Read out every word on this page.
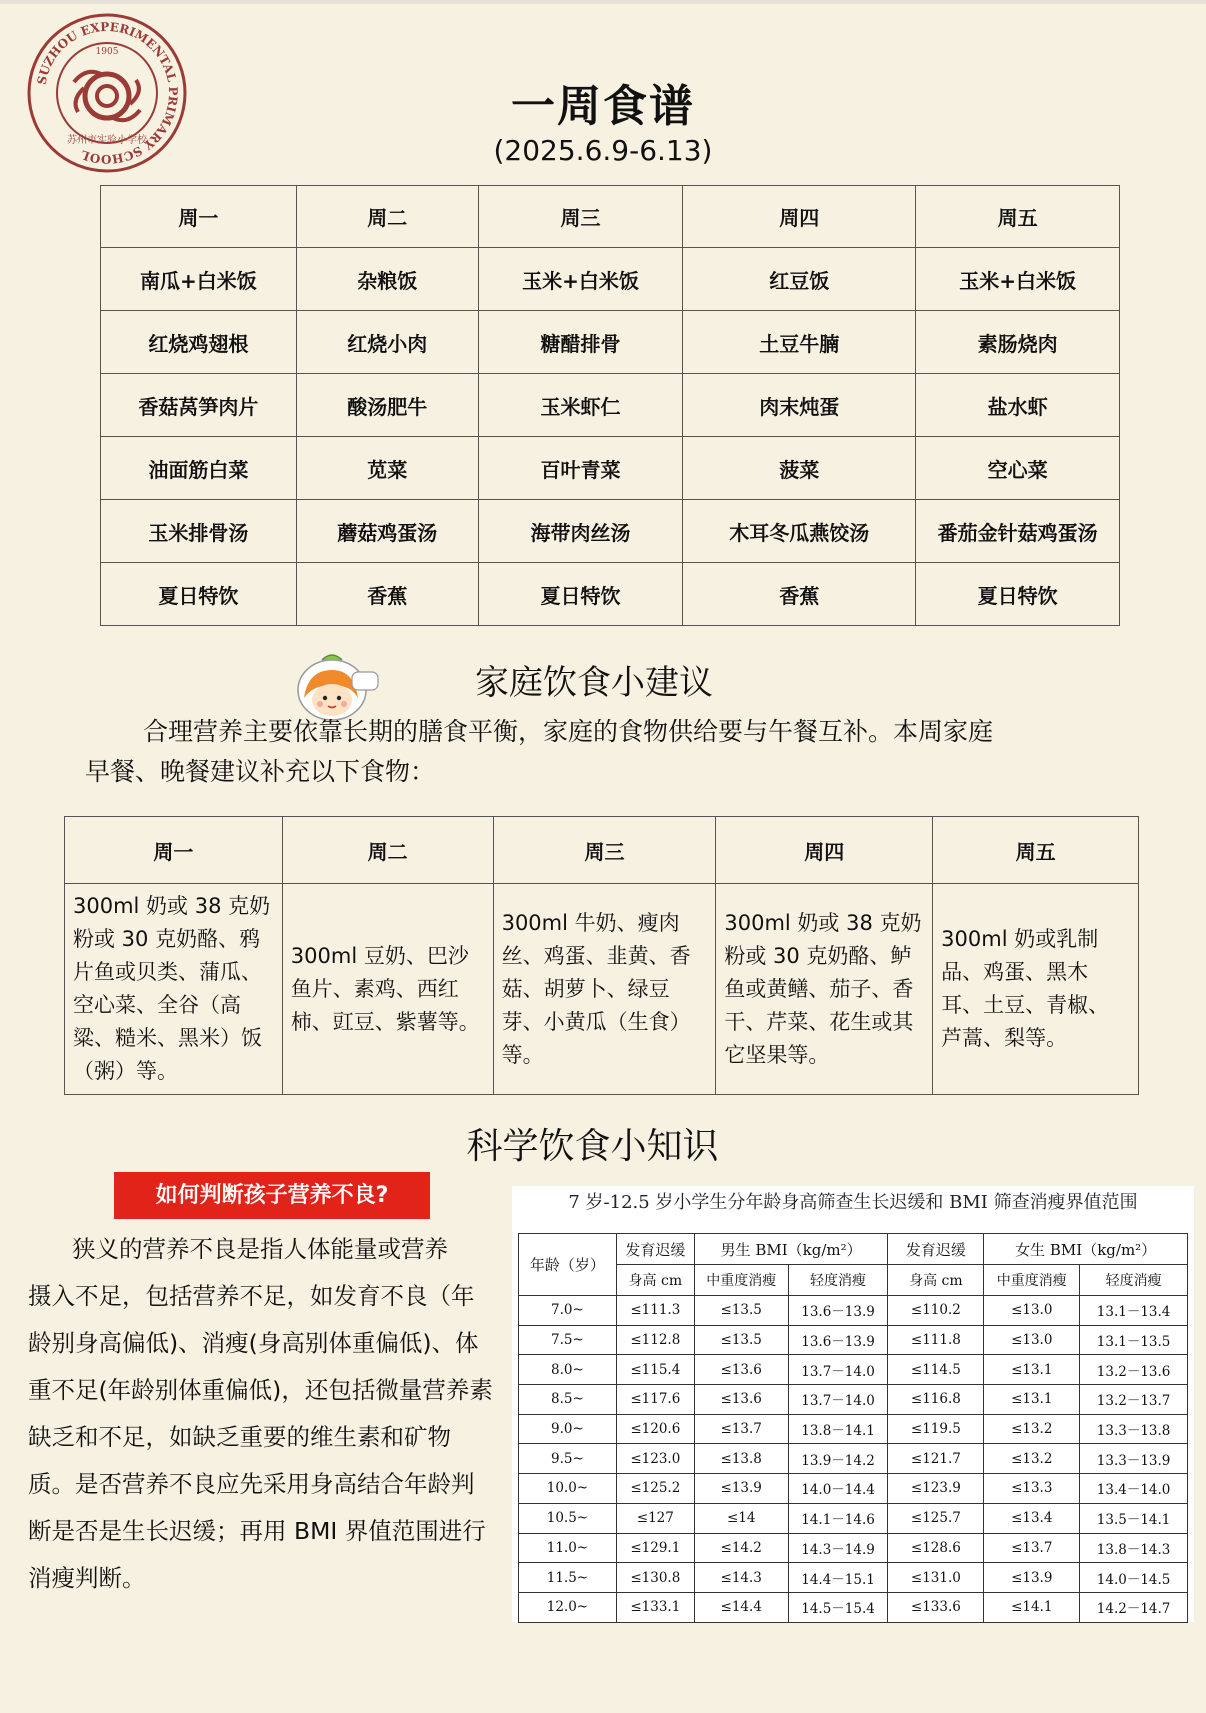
SUZHOU EXPERIMENTAL PRIMARY SCHOOL
1905
苏州市实验小学校
一周食谱
(2025.6.9-6.13)
周一	周二	周三	周四	周五
南瓜+白米饭	杂粮饭	玉米+白米饭	红豆饭	玉米+白米饭
红烧鸡翅根	红烧小肉	糖醋排骨	土豆牛腩	素肠烧肉
香菇莴笋肉片	酸汤肥牛	玉米虾仁	肉末炖蛋	盐水虾
油面筋白菜	苋菜	百叶青菜	菠菜	空心菜
玉米排骨汤	蘑菇鸡蛋汤	海带肉丝汤	木耳冬瓜燕饺汤	番茄金针菇鸡蛋汤
夏日特饮	香蕉	夏日特饮	香蕉	夏日特饮
家庭饮食小建议
合理营养主要依靠长期的膳食平衡，家庭的食物供给要与午餐互补。本周家庭
早餐、晚餐建议补充以下食物：
周一	周二	周三	周四	周五
300ml 奶或 38 克奶粉或 30 克奶酪、鸦片鱼或贝类、蒲瓜、空心菜、全谷（高粱、糙米、黑米）饭（粥）等。	300ml 豆奶、巴沙鱼片、素鸡、西红柿、豇豆、紫薯等。	300ml 牛奶、瘦肉丝、鸡蛋、韭黄、香菇、胡萝卜、绿豆芽、小黄瓜（生食）等。	300ml 奶或 38 克奶粉或 30 克奶酪、鲈鱼或黄鳝、茄子、香干、芹菜、花生或其它坚果等。	300ml 奶或乳制品、鸡蛋、黑木耳、土豆、青椒、芦蒿、梨等。
科学饮食小知识
如何判断孩子营养不良?
狭义的营养不良是指人体能量或营养
摄入不足，包括营养不足，如发育不良（年
龄别身高偏低)、消瘦(身高别体重偏低)、体
重不足(年龄别体重偏低)，还包括微量营养素
缺乏和不足，如缺乏重要的维生素和矿物
质。是否营养不良应先采用身高结合年龄判
断是否是生长迟缓；再用 BMI 界值范围进行
消瘦判断。
7 岁-12.5 岁小学生分年龄身高筛查生长迟缓和 BMI 筛查消瘦界值范围
年龄（岁）	发育迟缓	男生 BMI（kg/m²）		发育迟缓	女生 BMI（kg/m²）	
	身高 cm	中重度消瘦	轻度消瘦	身高 cm	中重度消瘦	轻度消瘦
7.0~	≤111.3	≤13.5	13.6－13.9	≤110.2	≤13.0	13.1－13.4
7.5~	≤112.8	≤13.5	13.6－13.9	≤111.8	≤13.0	13.1－13.5
8.0~	≤115.4	≤13.6	13.7－14.0	≤114.5	≤13.1	13.2－13.6
8.5~	≤117.6	≤13.6	13.7－14.0	≤116.8	≤13.1	13.2－13.7
9.0~	≤120.6	≤13.7	13.8－14.1	≤119.5	≤13.2	13.3－13.8
9.5~	≤123.0	≤13.8	13.9－14.2	≤121.7	≤13.2	13.3－13.9
10.0~	≤125.2	≤13.9	14.0－14.4	≤123.9	≤13.3	13.4－14.0
10.5~	≤127	≤14	14.1－14.6	≤125.7	≤13.4	13.5－14.1
11.0~	≤129.1	≤14.2	14.3－14.9	≤128.6	≤13.7	13.8－14.3
11.5~	≤130.8	≤14.3	14.4－15.1	≤131.0	≤13.9	14.0－14.5
12.0~	≤133.1	≤14.4	14.5－15.4	≤133.6	≤14.1	14.2－14.7
